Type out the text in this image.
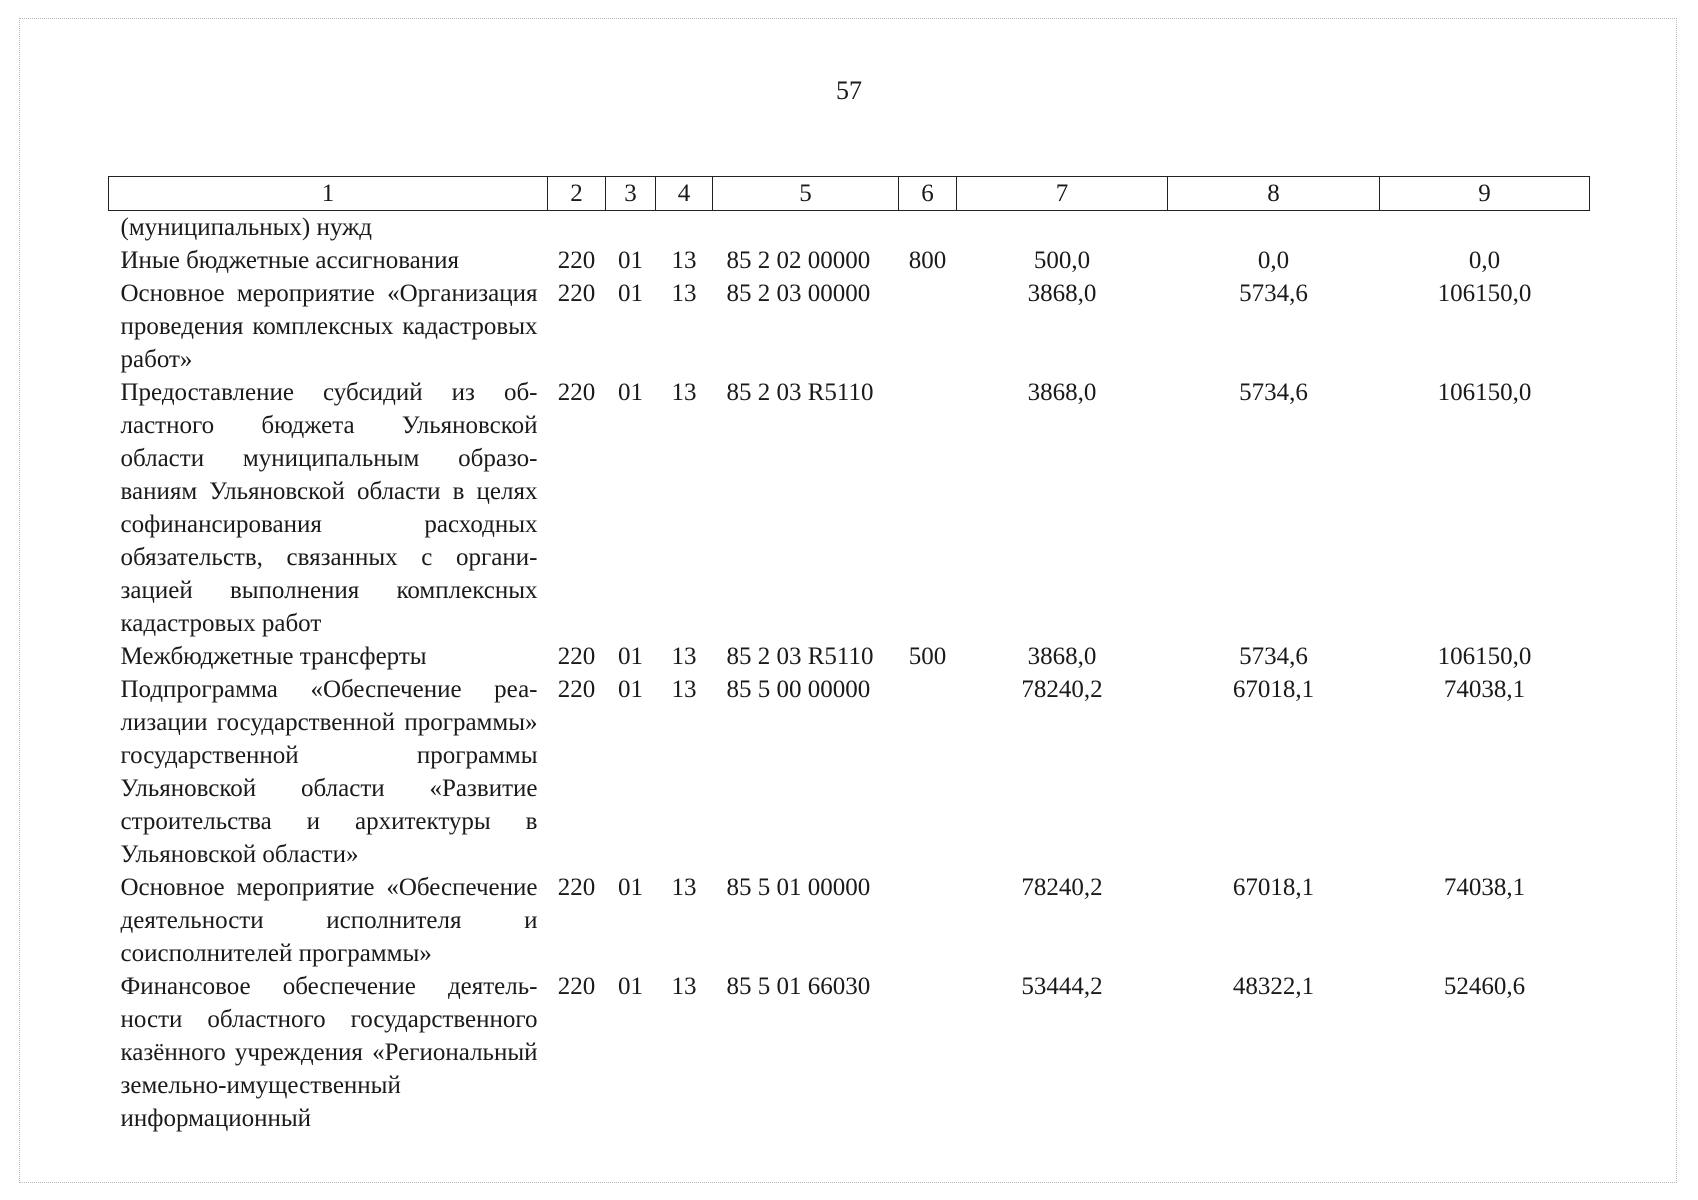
57
1	2	3	4	5	6	7	8	9
(муниципальных) нужд								
Иные бюджетные ассигнования	220	01	13	85 2 02 00000	800	500,0	0,0	0,0
Основное мероприятие «Организация проведения комплексных кадастровых работ»	220	01	13	85 2 03 00000		3868,0	5734,6	106150,0
Предоставление субсидий из областного бюджета Ульяновской области муниципальным образованиям Ульяновской области в целях софинансирования расходных обязательств, связанных с организацией выполнения комплексных кадастровых работ	220	01	13	85 2 03 R5110		3868,0	5734,6	106150,0
Межбюджетные трансферты	220	01	13	85 2 03 R5110	500	3868,0	5734,6	106150,0
Подпрограмма «Обеспечение реализации государственной программы» государственной программы Ульяновской области «Развитие строительства и архитектуры в Ульяновской области»	220	01	13	85 5 00 00000		78240,2	67018,1	74038,1
Основное мероприятие «Обеспечение деятельности исполнителя и соисполнителей программы»	220	01	13	85 5 01 00000		78240,2	67018,1	74038,1
Финансовое обеспечение деятельности областного государственного казённого учреждения «Региональный земельно-имущественный информационный	220	01	13	85 5 01 66030		53444,2	48322,1	52460,6
